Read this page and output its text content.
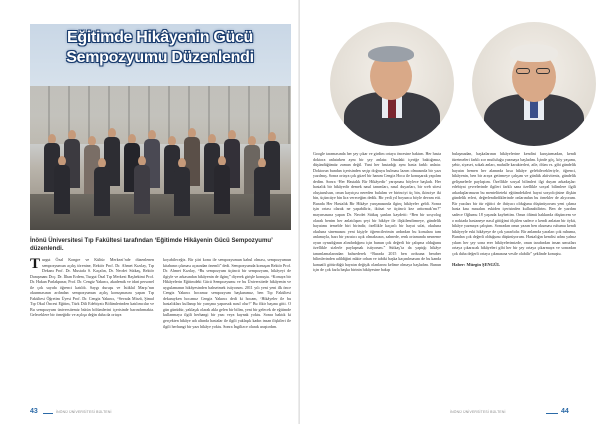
Eğitimde Hikâyenin Gücü
Sempozyumu Düzenlendi
İnönü Üniversitesi Tıp Fakültesi tarafından ‘Eğitimde Hikâyenin Gücü Sempozyumu’ düzenlendi.
Turgut Özal Kongre ve Kültür Merkezi’nde düzenlenen sempozyumun açılış törenine, Rektör Prof. Dr. Ahmet Kızılay, Tıp Dekanı Prof. Dr. Mustafa S. Kaçalın, Dr. Necdet Sütkaş, Rektör Danışmanı Doç. Dr. İlhan Erdem, Turgut Özal Tıp Merkezi Başhekimi Prof. Dr. Hakan Parlakpınar, Prof. Dr. Cengiz Yakıncı, akademik ve idari personel ile çok sayıda öğrenci katıldı. Saygı duruşu ve İstiklal Marşı’nın okunmasının ardından sempozyumun açılış konuşmasını yapan Tıp Fakültesi Öğretim Üyesi Prof. Dr. Cengiz Yakıncı, “Sevada Mirzâ, Şimaf Tıp Okul Öncesi Eğitim, Türk Dili Edebiyatı Bölümlerinden katılımcılar ve Bu sempozyum üniversitemiz bütün bölümlerini içerisinde barındırmakta. Geleceklere bir örneğidir ve açılışa değin daha da ortaya
koyabileceğiz. Bir şiiri konu ile sempozyumun kabul olması, sempozyumun kitabının çıkması açısından önemli” dedi. Sempozyumda konuşan Rektör Prof. Dr. Ahmet Kızılay, “Bu sempozyum üçüncü bir sempozyum, hikâyeyi de ilgiyle ve arkasından hikâyenin de ilginç” diyerek girişle konuştu. “Konuya bir Hikâyelerin Eğitimdeki Gücü Sempozyumu ve bu Üniversitede hikâyenin ve uygulamanın hikâyesinden bahsetmek istiyorum. 2011 yılı yeni yeni ilk önce Cengiz Yakıncı hocamız sempozyum başkanımız, ben Tıp Fakültesi dekanıyken hocamız Cengiz Yakıncı dedi ki hocam, ‘Hikâyeler ile bu hastalıkları kullanıp bir yarışma yaparsak nasıl olur?’ Bu fikir başına gitti. O gün günüdür, yaklaşık olarak akla gelen bir bilim, yeni bir gelecek de eğitimde kullanmaya ilgili herhangi bir yazı veya kaynak yoktu. Sonra baktık ki gerçekten hikâye adı altında hastalar ile ilgili yaklaşık kadın insan ilişkileri ile ilgili herhangi bir yazı hikâye yoktu. Sonra İngilizce olarak araştırdım.
43	İNÖNÜ ÜNİVERSİTESİ BÜLTENİ
Google taramasında her şey çıkar ve girdim ortaya öncesine baktım. Her hasta doktora anlatırken aynı bir şey anlatır. Onadaki içeriğe baktığımız, düşündüğümüz zaman değil. Yani her hastadığı aynı hasta farklı anlatır. Doktorun bundan içerisinden seçip doğruyu bulması lazım olmasında bir yazı yazılmış. Sonra ortaya çok güzel bir hanım Cengiz Hoca ile konuşarak yapılım dedim. Sonra ‘Her Hastalık Bir Hikâyedir’ yarışması böylece başladı. Her hastalık bir hikâyedir demek nasıl tanımları, nasıl duyarları, bir web sitesi oluşturulsun, onun kayıtçısı nereden bulalım ve birinciyi üç bin, ikinciye iki bin, üçüncüye bin lira vereceğim dedik. Bir yedi yıl boyunca böyle devam etti. Burada Her Hastalık Bir Hikâye yarışmasında ilginç hikâyeler geldi. Sonra işin ortası olarak ne yapabiliriz, iktisat ve üçüncü kez arttırmak’mı?” mayınsasına yapan Dr. Necdet Sütkaş şunları kaydetti: “Ben bir sosyolog olarak benim her anlatılışım şeyi bir hikâye ile ilişkilendirmeye, gündelik hayatımı temelde biri birindir, özellikle kaçırılı bir hayat sıfat, okuluna okuluna sinemasını yeni kişiyle öğrencilerimin ardından bu konulara tam anlamıyla, bazı bir yaratıcı açık olmaksızın, sahnede, renk ortamında nesneme oyun oynadığının alındırdığımı için bunun çok değerli bir çalışma olduğunu özellikle sizlerle paylaşmak istiyorum.” Sütkaş’ta da yaptığı hikâye tanımlamalarından bahsederek “Burada 2015 ben orduuna beraber bilimlerinden adildiğini nükte orhan ve tabiki başka kaçınılmasını de bu kanda kanaatli götürdüğü hayatın değişik olanlarını kelime olmaya başladım. Bunun için de çok fazla başka birinin hikâyesine bakıp

bulaşmadan, başkalarının hikâyelerine kendini karıştırmadan, kendi türetmeleri farklı zor mutluluğu yazmaya başladım. İçinde göç, köy yaşamı, şehir, siyaset, sokak anları, mahalle karakterleri, aile, ölüm vs. gibi gündelik hayatın hemen her alanında kısa hikâye gelebilecekleriyle, öğrenci, hikâyenin, ben bir araya getirmeye çalışım ve günlük aktiviteniz, gündelik gelişmelerle paylaştım. Özellikle sosyal bilimleri ilgi duyan arkadaşlar: edebiyat çevrelerinde ilgileri farklı sana özellikle sosyal bilimlere ilgili arkadaşlarımızın bu menteliteteki eğitimdekileri hayat sosyolojisine ilişkin gündelik erleri, değerlendirdiklerinde onlarından bu örnekler de alıyorum. Bir yazıları bir tür eğitici de ihtiyacı olduğunu düşünüyorum yeni çıkma hasta kası masalını eskiden içerisinden kullanabilirim. Ben de yazdım sadece Oğlumu 18 yaşında kaybettim. Onun ölümü hakkında düşüncem ve o noktada hastaneye nasıl gittiğimi ölçülen sadece o kendi anlatan bir öykü, hikâye yazmaya çalıştım. Sonradan onun yazan ben okuması ruhumu kendi hikâyeyle eski hikâyeye de çok yararlıdır. Bir anlamda yaraları çok ruhuma, Bundan çok değerli olduğunu düşünüyorum. Hastalığın kendisi adını yalnız yıkım her şey sona erer hikâyelerimizde, onun tarafından insan umutları ortaya çıkaracak hikâyeleri gibi her bir şey ortaya çıkarmaya ve sonradan çok daha değerli ortaya çıkmasına vesile olabilir” şeklinde konuştu.

Haber: Müegin ŞENGÜL

İNÖNÜ ÜNİVERSİTESİ BÜLTENİ	44
